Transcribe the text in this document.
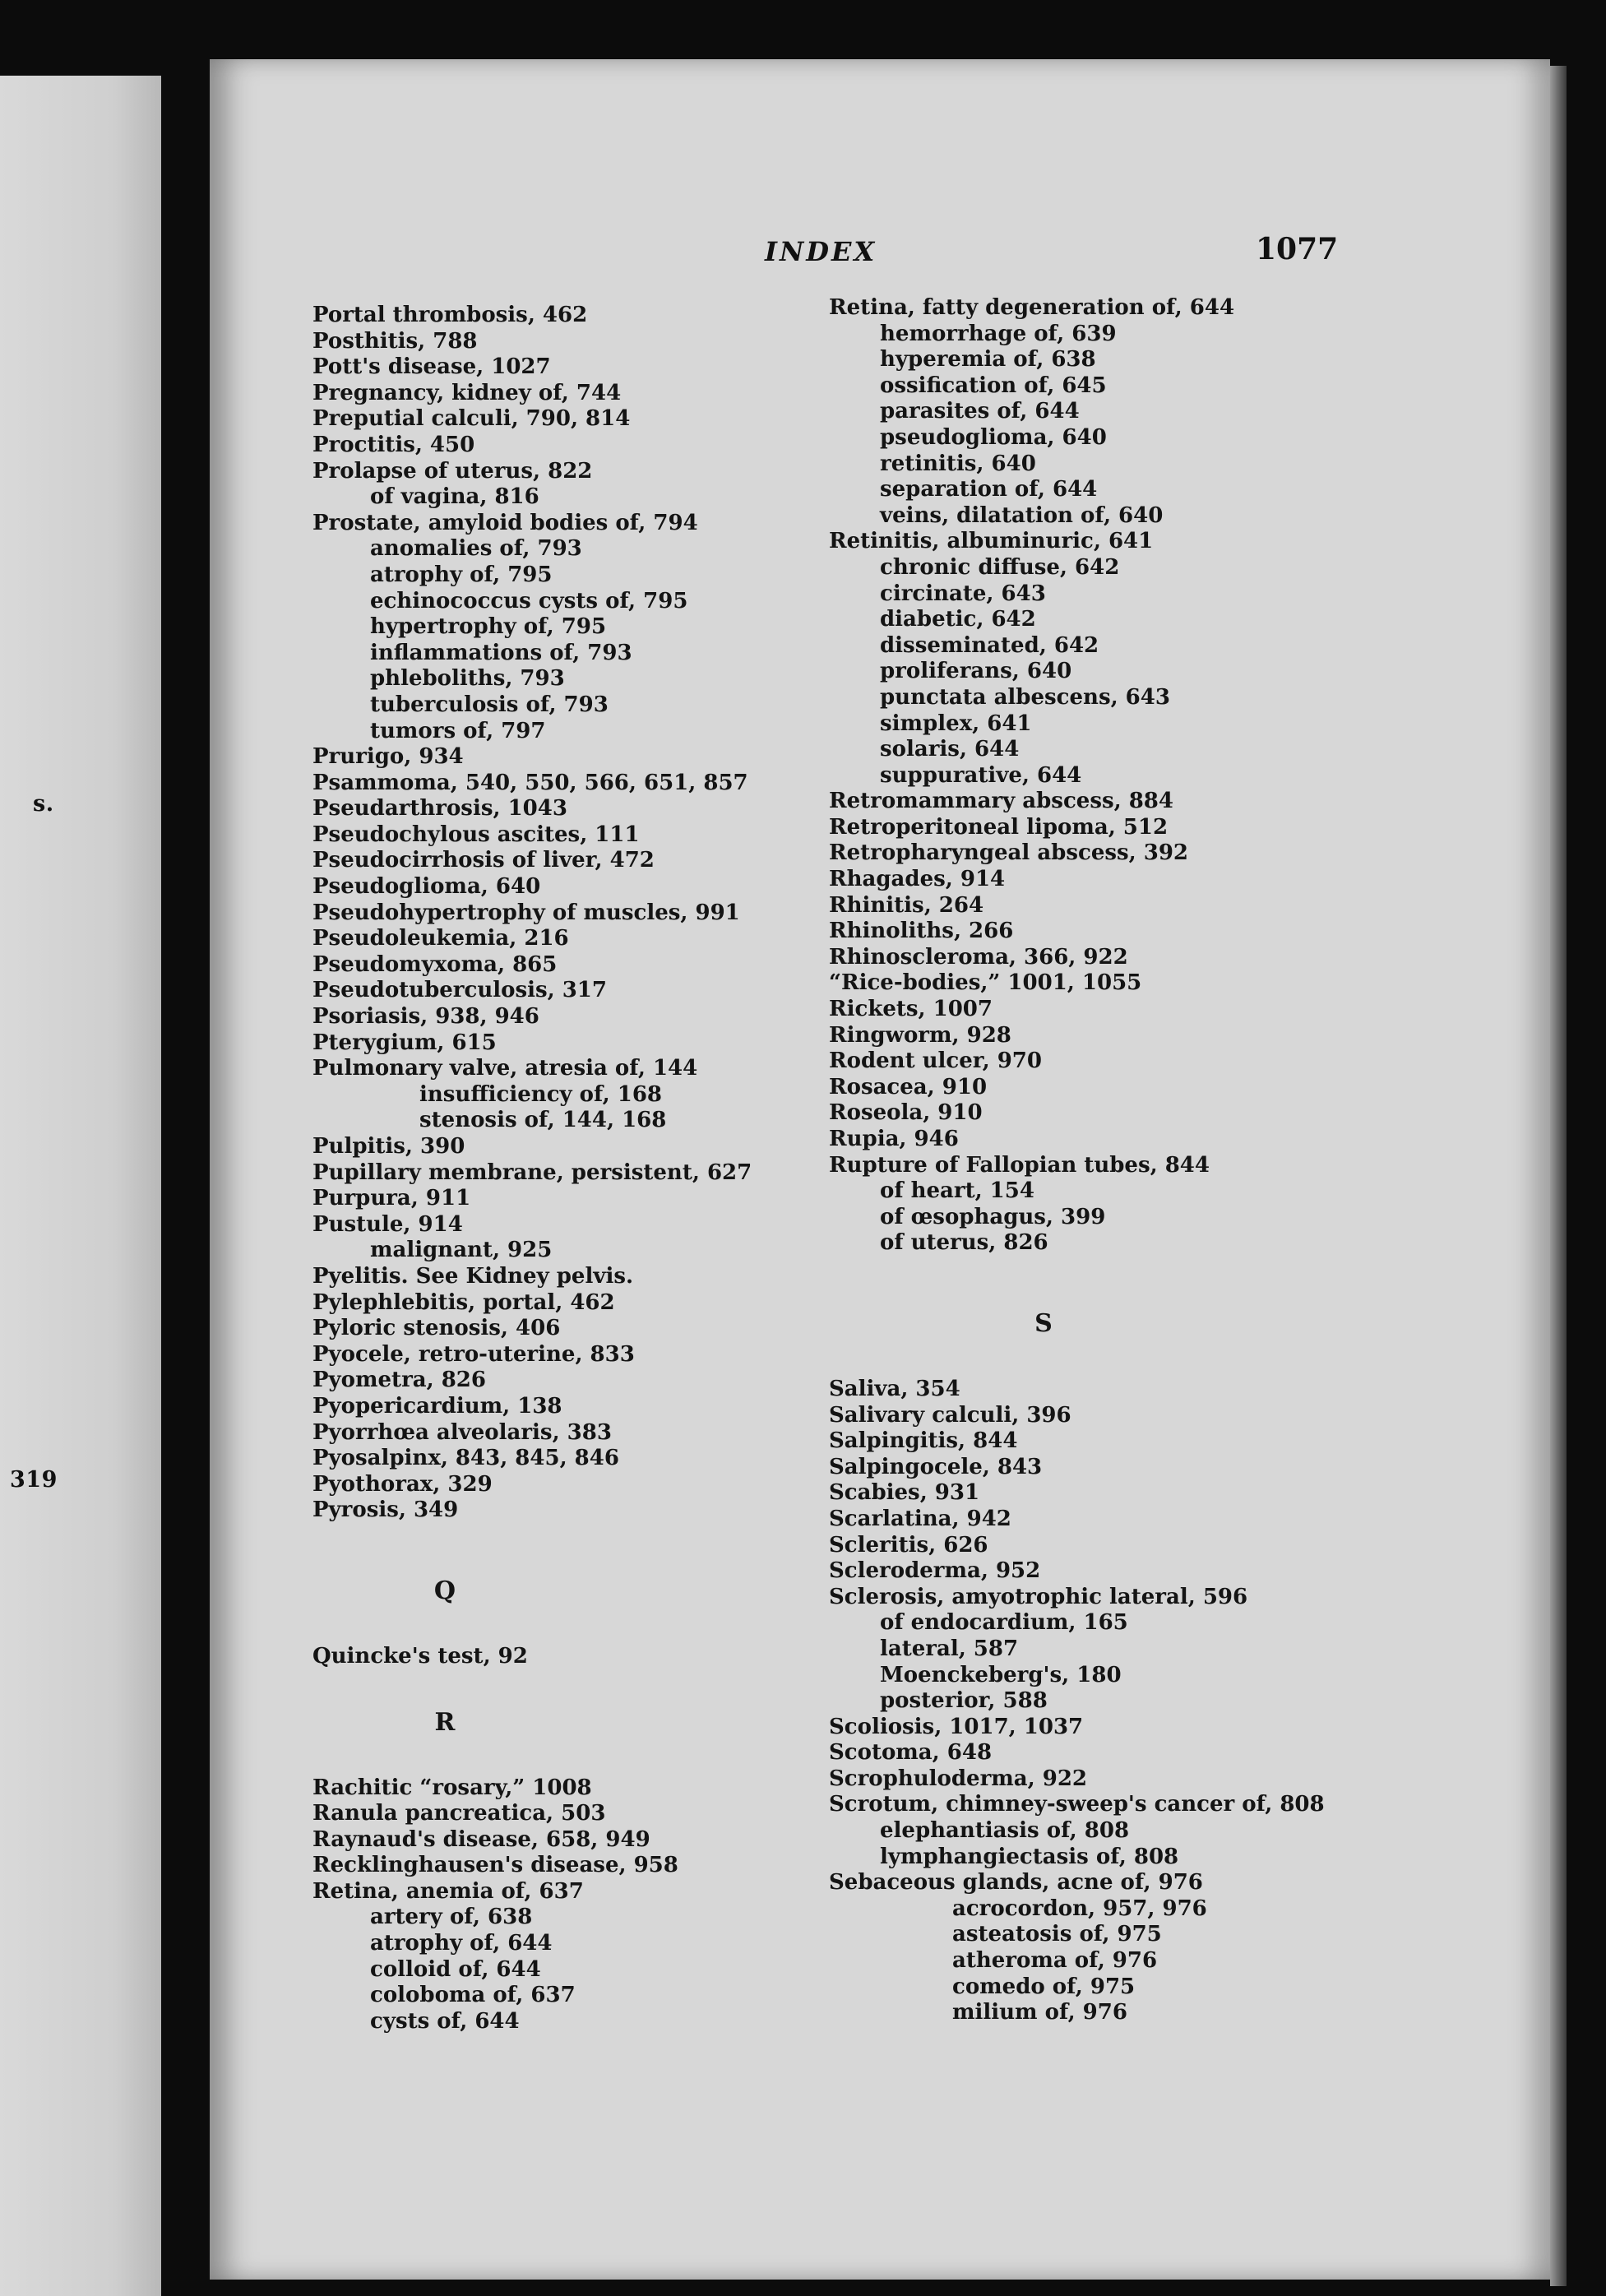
s.
319
INDEX	1077
Portal thrombosis, 462
Posthitis, 788
Pott's disease, 1027
Pregnancy, kidney of, 744
Preputial calculi, 790, 814
Proctitis, 450
Prolapse of uterus, 822
of vagina, 816
Prostate, amyloid bodies of, 794
anomalies of, 793
atrophy of, 795
echinococcus cysts of, 795
hypertrophy of, 795
inflammations of, 793
phleboliths, 793
tuberculosis of, 793
tumors of, 797
Prurigo, 934
Psammoma, 540, 550, 566, 651, 857
Pseudarthrosis, 1043
Pseudochylous ascites, 111
Pseudocirrhosis of liver, 472
Pseudoglioma, 640
Pseudohypertrophy of muscles, 991
Pseudoleukemia, 216
Pseudomyxoma, 865
Pseudotuberculosis, 317
Psoriasis, 938, 946
Pterygium, 615
Pulmonary valve, atresia of, 144
insufficiency of, 168
stenosis of, 144, 168
Pulpitis, 390
Pupillary membrane, persistent, 627
Purpura, 911
Pustule, 914
malignant, 925
Pyelitis. See Kidney pelvis.
Pylephlebitis, portal, 462
Pyloric stenosis, 406
Pyocele, retro-uterine, 833
Pyometra, 826
Pyopericardium, 138
Pyorrhœa alveolaris, 383
Pyosalpinx, 843, 845, 846
Pyothorax, 329
Pyrosis, 349
Q
Quincke's test, 92
R
Rachitic “rosary,” 1008
Ranula pancreatica, 503
Raynaud's disease, 658, 949
Recklinghausen's disease, 958
Retina, anemia of, 637
artery of, 638
atrophy of, 644
colloid of, 644
coloboma of, 637
cysts of, 644
Retina, fatty degeneration of, 644
hemorrhage of, 639
hyperemia of, 638
ossification of, 645
parasites of, 644
pseudoglioma, 640
retinitis, 640
separation of, 644
veins, dilatation of, 640
Retinitis, albuminuric, 641
chronic diffuse, 642
circinate, 643
diabetic, 642
disseminated, 642
proliferans, 640
punctata albescens, 643
simplex, 641
solaris, 644
suppurative, 644
Retromammary abscess, 884
Retroperitoneal lipoma, 512
Retropharyngeal abscess, 392
Rhagades, 914
Rhinitis, 264
Rhinoliths, 266
Rhinoscleroma, 366, 922
“Rice-bodies,” 1001, 1055
Rickets, 1007
Ringworm, 928
Rodent ulcer, 970
Rosacea, 910
Roseola, 910
Rupia, 946
Rupture of Fallopian tubes, 844
of heart, 154
of œsophagus, 399
of uterus, 826
S
Saliva, 354
Salivary calculi, 396
Salpingitis, 844
Salpingocele, 843
Scabies, 931
Scarlatina, 942
Scleritis, 626
Scleroderma, 952
Sclerosis, amyotrophic lateral, 596
of endocardium, 165
lateral, 587
Moenckeberg's, 180
posterior, 588
Scoliosis, 1017, 1037
Scotoma, 648
Scrophuloderma, 922
Scrotum, chimney-sweep's cancer of, 808
elephantiasis of, 808
lymphangiectasis of, 808
Sebaceous glands, acne of, 976
acrocordon, 957, 976
asteatosis of, 975
atheroma of, 976
comedo of, 975
milium of, 976
